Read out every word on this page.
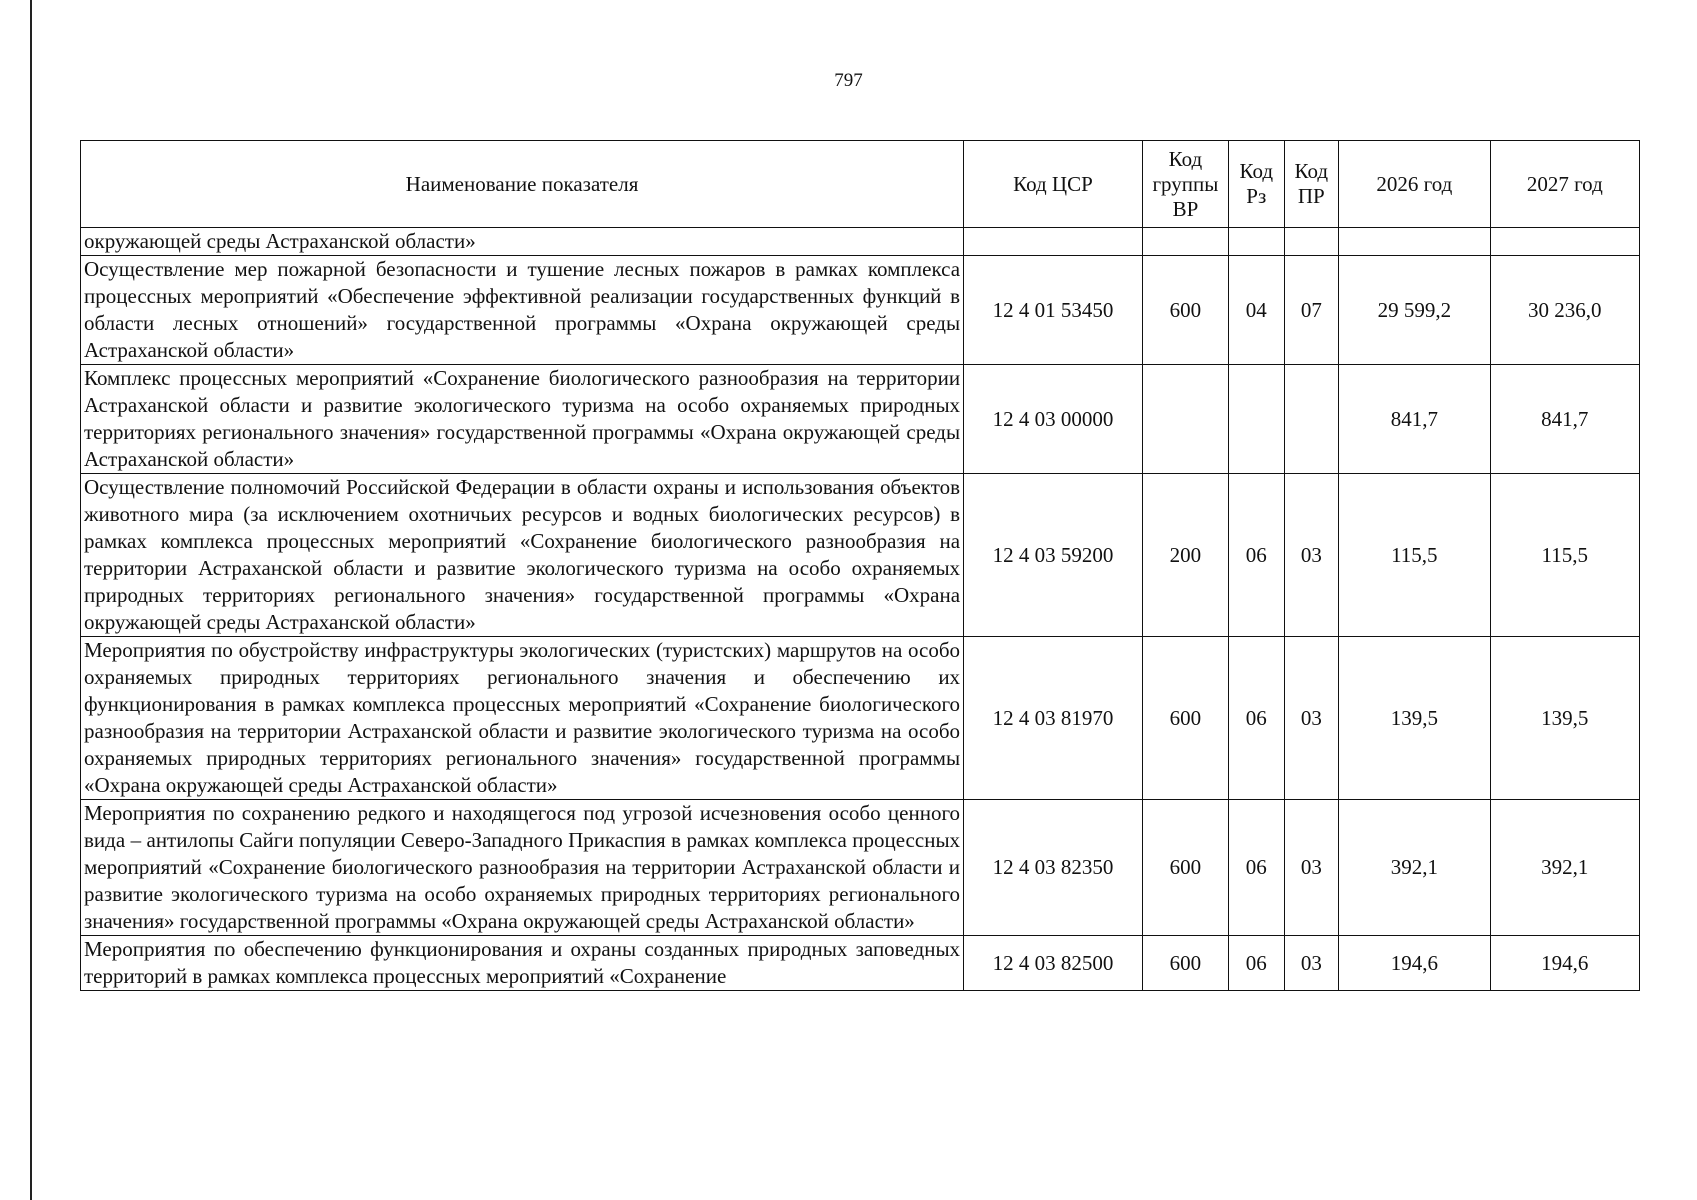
797
Наименование показателя	Код ЦСР	Код группы ВР	Код Рз	Код ПР	2026 год	2027 год
окружающей среды Астраханской области»						
Осуществление мер пожарной безопасности и тушение лесных пожаров в рамках комплекса процессных мероприятий «Обеспечение эффективной реализации государственных функций в области лесных отношений» государственной программы «Охрана окружающей среды Астраханской области»	12 4 01 53450	600	04	07	29 599,2	30 236,0
Комплекс процессных мероприятий «Сохранение биологического разнообразия на территории Астраханской области и развитие экологического туризма на особо охраняемых природных территориях регионального значения» государственной программы «Охрана окружающей среды Астраханской области»	12 4 03 00000				841,7	841,7
Осуществление полномочий Российской Федерации в области охраны и использования объектов животного мира (за исключением охотничьих ресурсов и водных биологических ресурсов) в рамках комплекса процессных мероприятий «Сохранение биологического разнообразия на территории Астраханской области и развитие экологического туризма на особо охраняемых природных территориях регионального значения» государственной программы «Охрана окружающей среды Астраханской области»	12 4 03 59200	200	06	03	115,5	115,5
Мероприятия по обустройству инфраструктуры экологических (туристских) маршрутов на особо охраняемых природных территориях регионального значения и обеспечению их функционирования в рамках комплекса процессных мероприятий «Сохранение биологического разнообразия на территории Астраханской области и развитие экологического туризма на особо охраняемых природных территориях регионального значения» государственной программы «Охрана окружающей среды Астраханской области»	12 4 03 81970	600	06	03	139,5	139,5
Мероприятия по сохранению редкого и находящегося под угрозой исчезновения особо ценного вида – антилопы Сайги популяции Северо-Западного Прикаспия в рамках комплекса процессных мероприятий «Сохранение биологического разнообразия на территории Астраханской области и развитие экологического туризма на особо охраняемых природных территориях регионального значения» государственной программы «Охрана окружающей среды Астраханской области»	12 4 03 82350	600	06	03	392,1	392,1
Мероприятия по обеспечению функционирования и охраны созданных природных заповедных территорий в рамках комплекса процессных мероприятий «Сохранение	12 4 03 82500	600	06	03	194,6	194,6
